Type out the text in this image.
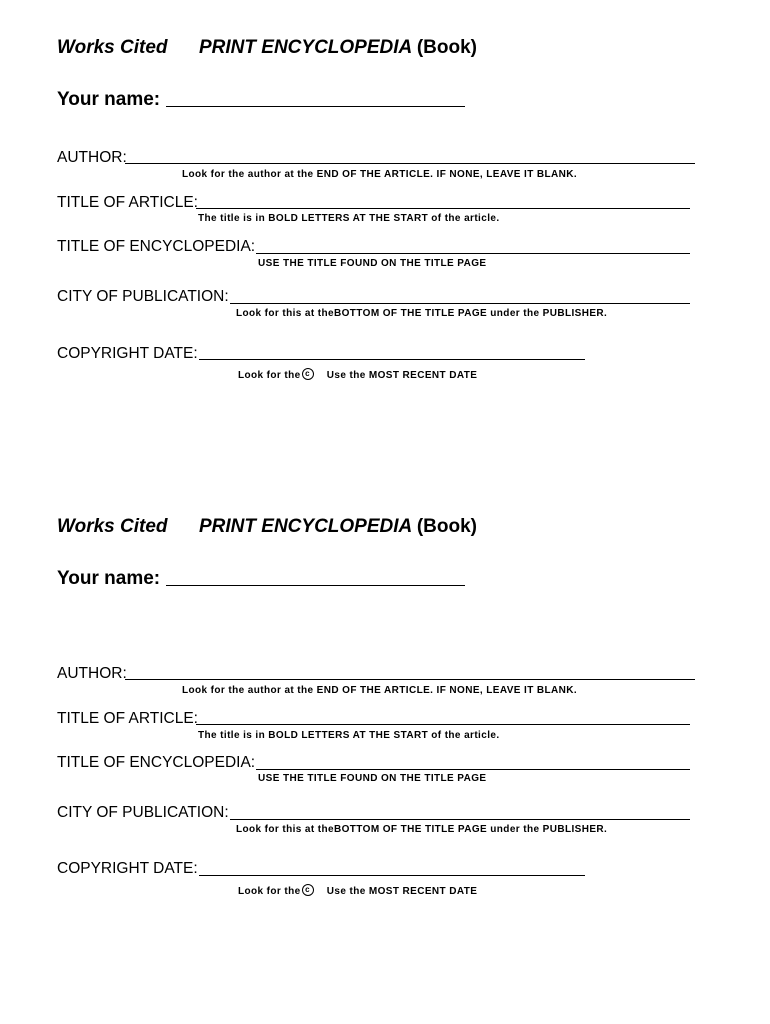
Works Cited PRINT ENCYCLOPEDIA (Book)
Your name:
AUTHOR:
Look for the author at the END OF THE ARTICLE. IF NONE, LEAVE IT BLANK.
TITLE OF ARTICLE:
The title is in BOLD LETTERS AT THE START of the article.
TITLE OF ENCYCLOPEDIA:
USE THE TITLE FOUND ON THE TITLE PAGE
CITY OF PUBLICATION:
Look for this at theBOTTOM OF THE TITLE PAGE under the PUBLISHER.
COPYRIGHT DATE:
Look for the c Use the MOST RECENT DATE
Works Cited PRINT ENCYCLOPEDIA (Book)
Your name:
AUTHOR:
Look for the author at the END OF THE ARTICLE. IF NONE, LEAVE IT BLANK.
TITLE OF ARTICLE:
The title is in BOLD LETTERS AT THE START of the article.
TITLE OF ENCYCLOPEDIA:
USE THE TITLE FOUND ON THE TITLE PAGE
CITY OF PUBLICATION:
Look for this at theBOTTOM OF THE TITLE PAGE under the PUBLISHER.
COPYRIGHT DATE:
Look for the c Use the MOST RECENT DATE
